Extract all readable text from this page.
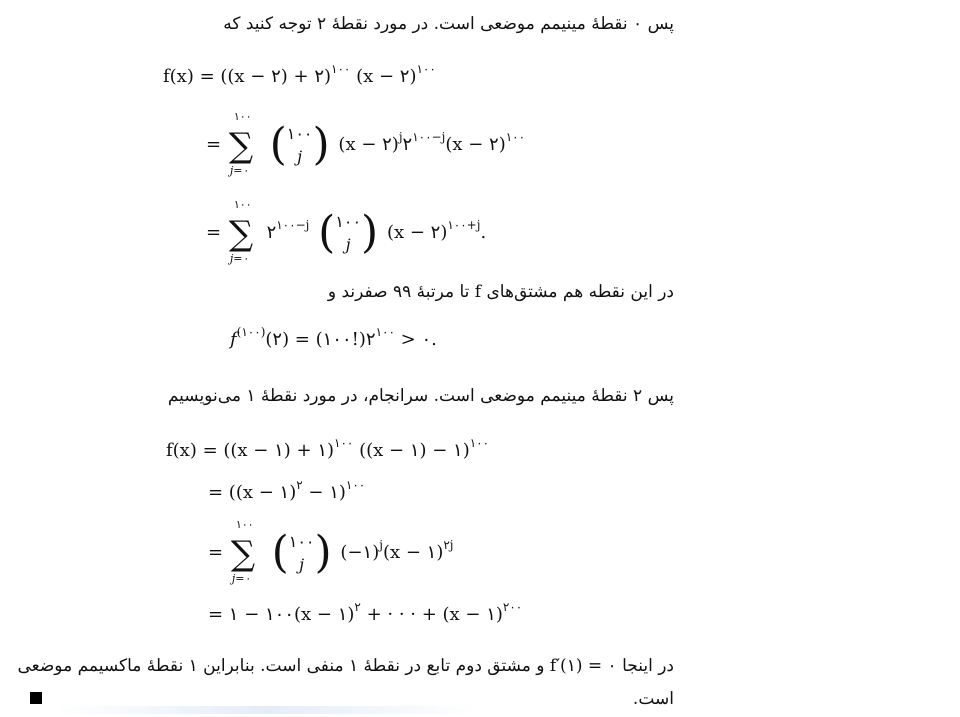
پس ۰ نقطهٔ مینیمم موضعی است. در مورد نقطهٔ ۲ توجه کنید که
f(x) = ((x − ۲) + ۲)$^{۱۰۰}$ (x − ۲)$^{۱۰۰}$
=
۱۰۰
∑
j=۰
(۱۰۰
j ) $(x - ۲)^j۲^{۱۰۰-j}(x$ − ۲)$^{۱۰۰}$
=
۱۰۰
∑
j=۰
$۲^{۱۰۰-j}$ (۱۰۰
j ) (x − ۲)$^{۱۰۰+j}$.
در این نقطه هم مشتق‌های f تا مرتبهٔ ۹۹ صفرند و
$f^{(۱۰۰)}(۲)$ = $(۱۰۰!)۲^{۱۰۰}$ > ۰.
پس ۲ نقطهٔ مینیمم موضعی است. سرانجام، در مورد نقطهٔ ۱ می‌نویسیم
f(x) = ((x − ۱) + ۱)$^{۱۰۰}$ ((x − ۱) − ۱)$^{۱۰۰}$
= ((x − ۱)$^۲$ − ۱)$^{۱۰۰}$
=
۱۰۰
∑
j=۰
(۱۰۰
j ) (−۱)$^j$(x − ۱)$^{۲j}$
= ۱ − ۱۰۰(x − ۱)$^۲$ + · · · + (x − ۱)$^{۲۰۰}$
در اینجا ۰ = f′(۱) و مشتق دوم تابع در نقطهٔ ۱ منفی است. بنابراین ۱ نقطهٔ ماکسیمم موضعی
است.
